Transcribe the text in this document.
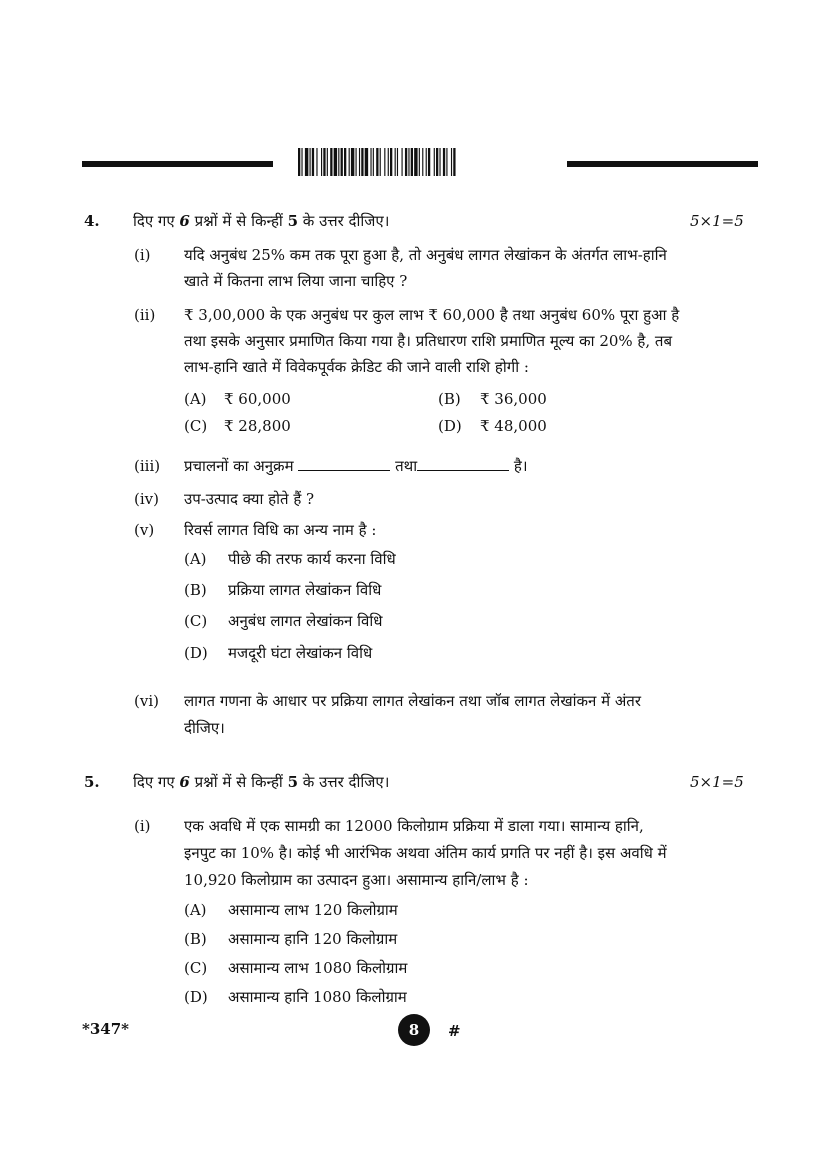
4. दिए गए 6 प्रश्नों में से किन्हीं 5 के उत्तर दीजिए।	5×1=5
(i) यदि अनुबंध 25% कम तक पूरा हुआ है, तो अनुबंध लागत लेखांकन के अंतर्गत लाभ-हानि
खाते में कितना लाभ लिया जाना चाहिए ?
(ii) ₹ 3,00,000 के एक अनुबंध पर कुल लाभ ₹ 60,000 है तथा अनुबंध 60% पूरा हुआ है
तथा इसके अनुसार प्रमाणित किया गया है। प्रतिधारण राशि प्रमाणित मूल्य का 20% है, तब
लाभ-हानि खाते में विवेकपूर्वक क्रेडिट की जाने वाली राशि होगी :
(A) ₹ 60,000	(B) ₹ 36,000
(C) ₹ 28,800	(D) ₹ 48,000
(iii) प्रचालनों का अनुक्रम	तथा	है।
(iv) उप-उत्पाद क्या होते हैं ?
(v) रिवर्स लागत विधि का अन्य नाम है :
(A) पीछे की तरफ कार्य करना विधि
(B) प्रक्रिया लागत लेखांकन विधि
(C) अनुबंध लागत लेखांकन विधि
(D) मजदूरी घंटा लेखांकन विधि
(vi) लागत गणना के आधार पर प्रक्रिया लागत लेखांकन तथा जॉब लागत लेखांकन में अंतर
दीजिए।
5. दिए गए 6 प्रश्नों में से किन्हीं 5 के उत्तर दीजिए।	5×1=5
(i) एक अवधि में एक सामग्री का 12000 किलोग्राम प्रक्रिया में डाला गया। सामान्य हानि,
इनपुट का 10% है। कोई भी आरंभिक अथवा अंतिम कार्य प्रगति पर नहीं है। इस अवधि में
10,920 किलोग्राम का उत्पादन हुआ। असामान्य हानि/लाभ है :
(A) असामान्य लाभ 120 किलोग्राम
(B) असामान्य हानि 120 किलोग्राम
(C) असामान्य लाभ 1080 किलोग्राम
(D) असामान्य हानि 1080 किलोग्राम
*347*	8	#
